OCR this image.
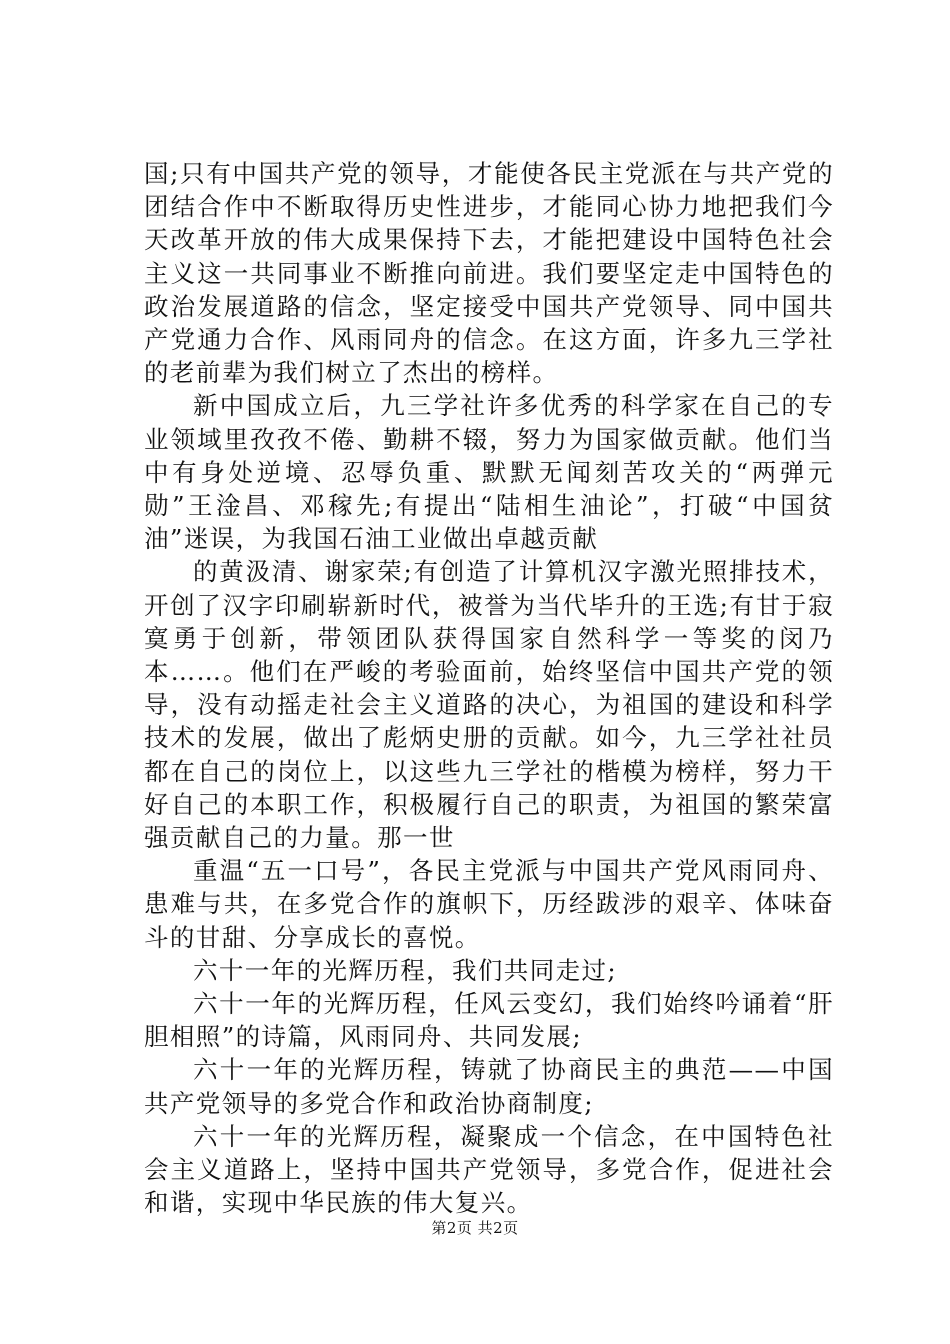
国;只有中国共产党的领导，才能使各民主党派在与共产党的团结合作中不断取得历史性进步，才能同心协力地把我们今天改革开放的伟大成果保持下去，才能把建设中国特色社会主义这一共同事业不断推向前进。我们要坚定走中国特色的政治发展道路的信念，坚定接受中国共产党领导、同中国共产党通力合作、风雨同舟的信念。在这方面，许多九三学社的老前辈为我们树立了杰出的榜样。

新中国成立后，九三学社许多优秀的科学家在自己的专业领域里孜孜不倦、勤耕不辍，努力为国家做贡献。他们当中有身处逆境、忍辱负重、默默无闻刻苦攻关的“两弹元勋”王淦昌、邓稼先;有提出“陆相生油论”，打破“中国贫油”迷误，为我国石油工业做出卓越贡献

的黄汲清、谢家荣;有创造了计算机汉字激光照排技术，开创了汉字印刷崭新时代，被誉为当代毕升的王选;有甘于寂寞勇于创新，带领团队获得国家自然科学一等奖的闵乃本……。他们在严峻的考验面前，始终坚信中国共产党的领导，没有动摇走社会主义道路的决心，为祖国的建设和科学技术的发展，做出了彪炳史册的贡献。如今，九三学社社员都在自己的岗位上，以这些九三学社的楷模为榜样，努力干好自己的本职工作，积极履行自己的职责，为祖国的繁荣富强贡献自己的力量。那一世

重温“五一口号”，各民主党派与中国共产党风雨同舟、患难与共，在多党合作的旗帜下，历经跋涉的艰辛、体味奋斗的甘甜、分享成长的喜悦。

六十一年的光辉历程，我们共同走过;

六十一年的光辉历程，任风云变幻，我们始终吟诵着“肝胆相照”的诗篇，风雨同舟、共同发展;

六十一年的光辉历程，铸就了协商民主的典范——中国共产党领导的多党合作和政治协商制度;

六十一年的光辉历程，凝聚成一个信念，在中国特色社会主义道路上，坚持中国共产党领导，多党合作，促进社会和谐，实现中华民族的伟大复兴。

第2页 共2页
